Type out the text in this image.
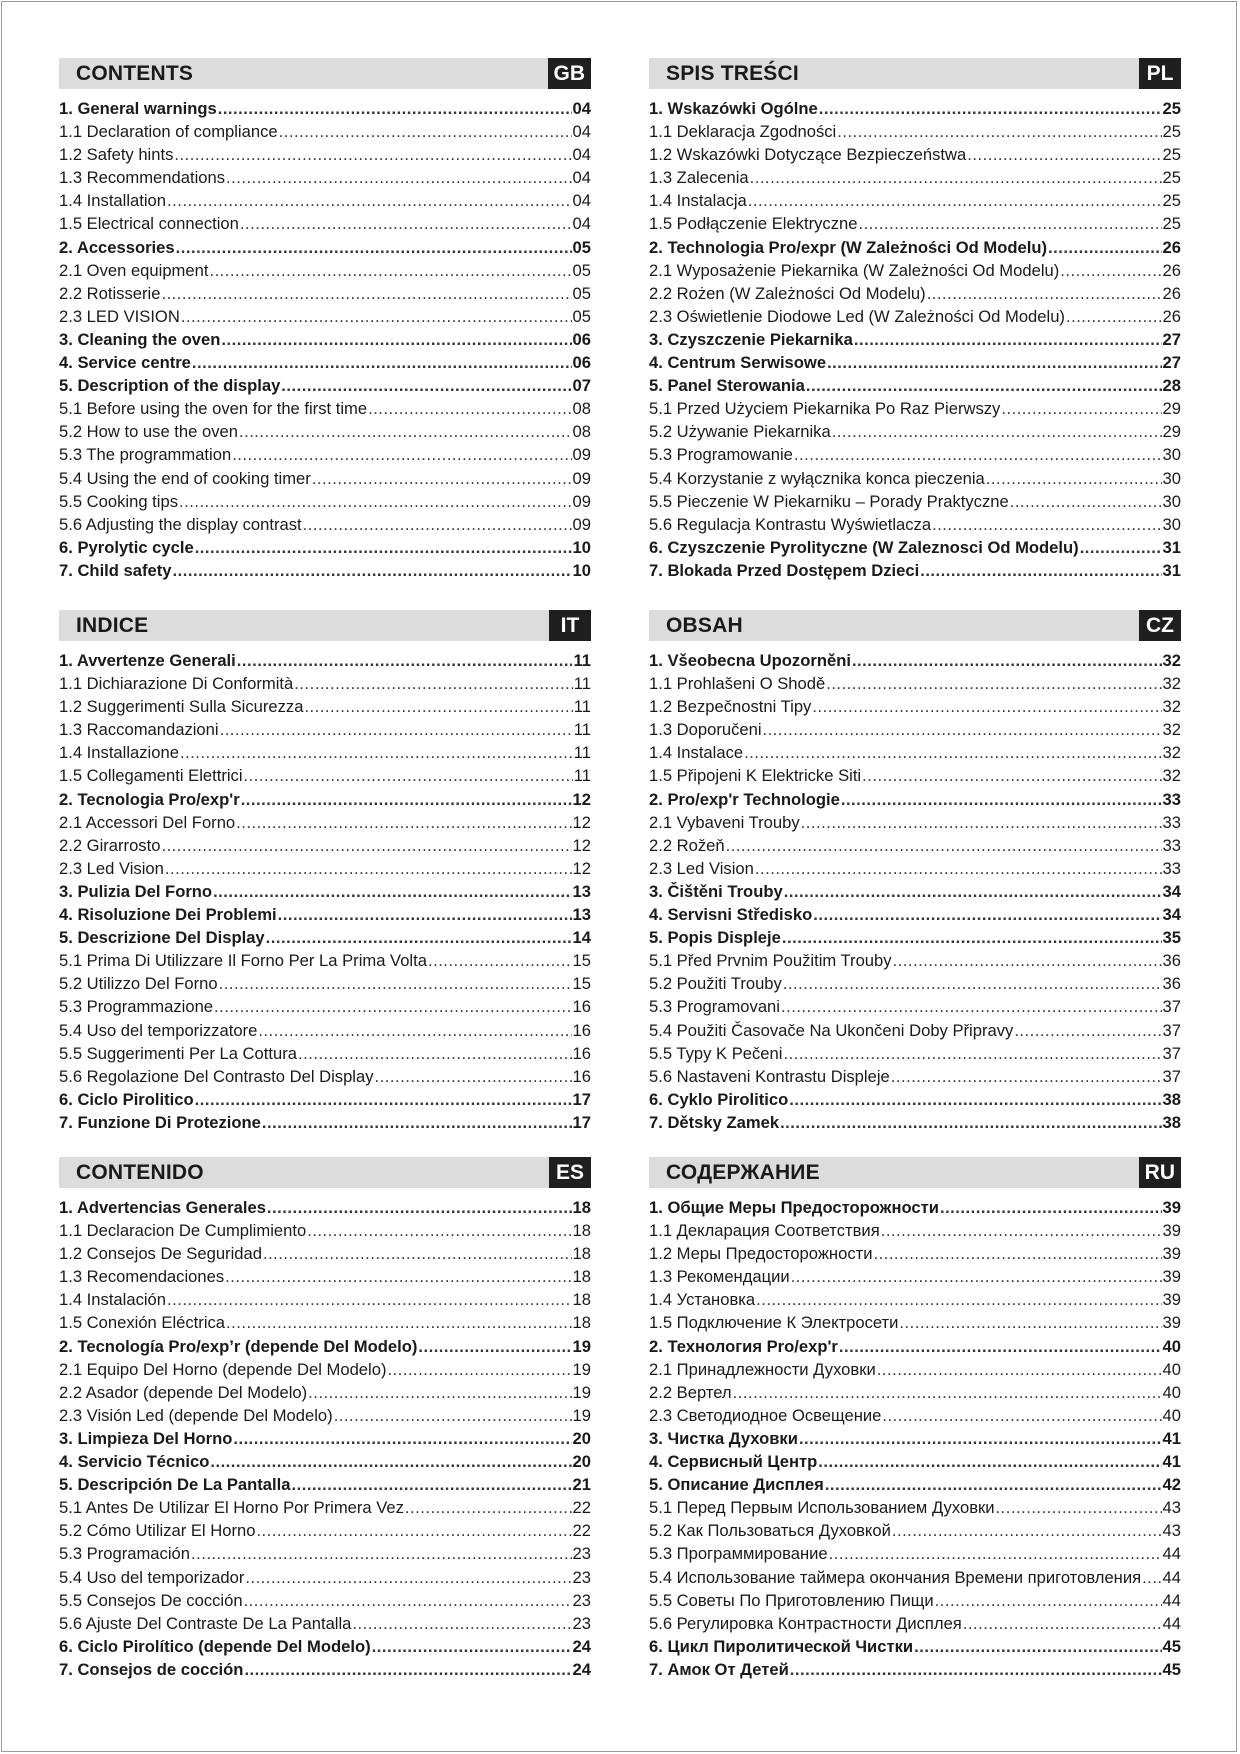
CONTENTS	GB
1. General warnings .....	04
1.1 Declaration of compliance .....	04
1.2 Safety hints .....	04
1.3 Recommendations .....	04
1.4 Installation .....	04
1.5 Electrical connection .....	04
2. Accessories .....	05
2.1 Oven equipment .....	05
2.2 Rotisserie .....	05
2.3 LED VISION .....	05
3. Cleaning the oven .....	06
4. Service centre .....	06
5. Description of the display .....	07
5.1 Before using the oven for the first time .....	08
5.2 How to use the oven .....	08
5.3 The programmation .....	09
5.4 Using the end of cooking timer .....	09
5.5 Cooking tips .....	09
5.6 Adjusting the display contrast .....	09
6. Pyrolytic cycle .....	10
7. Child safety .....	10
SPIS TREŚCI	PL
1. Wskazówki Ogólne .....	25
1.1 Deklaracja Zgodności .....	25
1.2 Wskazówki Dotyczące Bezpieczeństwa .....	25
1.3 Zalecenia .....	25
1.4 Instalacja .....	25
1.5 Podłączenie Elektryczne .....	25
2. Technologia Pro/expr (W Zależności Od Modelu) .....	26
2.1 Wyposażenie Piekarnika (W Zależności Od Modelu) .....	26
2.2 Rożen (W Zależności Od Modelu) .....	26
2.3 Oświetlenie Diodowe Led (W Zależności Od Modelu) .....	26
3. Czyszczenie Piekarnika .....	27
4. Centrum Serwisowe .....	27
5. Panel Sterowania .....	28
5.1 Przed Użyciem Piekarnika Po Raz Pierwszy .....	29
5.2 Używanie Piekarnika .....	29
5.3 Programowanie .....	30
5.4 Korzystanie z wyłącznika konca pieczenia .....	30
5.5 Pieczenie W Piekarniku – Porady Praktyczne .....	30
5.6 Regulacja Kontrastu Wyświetlacza .....	30
6. Czyszczenie Pyrolityczne (W Zaleznosci Od Modelu) .....	31
7. Blokada Przed Dostępem Dzieci .....	31
INDICE	IT
1. Avvertenze Generali .....	11
1.1 Dichiarazione Di Conformità .....	11
1.2 Suggerimenti Sulla Sicurezza .....	11
1.3 Raccomandazioni .....	11
1.4 Installazione .....	11
1.5 Collegamenti Elettrici .....	11
2. Tecnologia Pro/exp'r .....	12
2.1 Accessori Del Forno .....	12
2.2 Girarrosto .....	12
2.3 Led Vision .....	12
3. Pulizia Del Forno .....	13
4. Risoluzione Dei Problemi .....	13
5. Descrizione Del Display .....	14
5.1 Prima Di Utilizzare Il Forno Per La Prima Volta .....	15
5.2 Utilizzo Del Forno .....	15
5.3 Programmazione .....	16
5.4 Uso del temporizzatore .....	16
5.5 Suggerimenti Per La Cottura .....	16
5.6 Regolazione Del Contrasto Del Display .....	16
6. Ciclo Pirolitico .....	17
7. Funzione Di Protezione .....	17
OBSAH	CZ
1. Všeobecna Upozorněni .....	32
1.1 Prohlašeni O Shodě .....	32
1.2 Bezpečnostni Tipy .....	32
1.3 Doporučeni .....	32
1.4 Instalace .....	32
1.5 Připojeni K Elektricke Siti .....	32
2. Pro/exp'r Technologie .....	33
2.1 Vybaveni Trouby .....	33
2.2 Rožeň .....	33
2.3 Led Vision .....	33
3. Čištěni Trouby .....	34
4. Servisni Středisko .....	34
5. Popis Displeje .....	35
5.1 Před Prvnim Použitim Trouby .....	36
5.2 Použiti Trouby .....	36
5.3 Programovani .....	37
5.4 Použiti Časovače Na Ukončeni Doby Připravy .....	37
5.5 Typy K Pečeni .....	37
5.6 Nastaveni Kontrastu Displeje .....	37
6. Cyklo Pirolitico .....	38
7. Dětsky Zamek .....	38
CONTENIDO	ES
1. Advertencias Generales .....	18
1.1 Declaracion De Cumplimiento .....	18
1.2 Consejos De Seguridad .....	18
1.3 Recomendaciones .....	18
1.4 Instalación .....	18
1.5 Conexión Eléctrica .....	18
2. Tecnología Pro/exp’r (depende Del Modelo) .....	19
2.1 Equipo Del Horno (depende Del Modelo) .....	19
2.2 Asador (depende Del Modelo) .....	19
2.3 Visión Led (depende Del Modelo) .....	19
3. Limpieza Del Horno .....	20
4. Servicio Técnico .....	20
5. Descripción De La Pantalla .....	21
5.1 Antes De Utilizar El Horno Por Primera Vez .....	22
5.2 Cómo Utilizar El Horno .....	22
5.3 Programación .....	23
5.4 Uso del temporizador .....	23
5.5 Consejos De cocción .....	23
5.6 Ajuste Del Contraste De La Pantalla .....	23
6. Ciclo Pirolítico (depende Del Modelo) .....	24
7. Consejos de cocción .....	24
СОДЕРЖАНИЕ	RU
1. Общие Меры Предосторожности .....	39
1.1 Декларация Соответствия .....	39
1.2 Меры Предосторожности .....	39
1.3 Рекомендации .....	39
1.4 Установка .....	39
1.5 Подключение К Электросети .....	39
2. Технология Pro/exp'r .....	40
2.1 Принадлежности Духовки .....	40
2.2 Вертел .....	40
2.3 Светодиодное Освещение .....	40
3. Чистка Духовки .....	41
4. Сервисный Центр .....	41
5. Описание Дисплея .....	42
5.1 Перед Первым Использованием Духовки .....	43
5.2 Как Пользоваться Духовкой .....	43
5.3 Программирование .....	44
5.4 Использование таймера окончания Времени приготовления ..... 44
5.5 Советы По Приготовлению Пищи .....	44
5.6 Регулировка Контрастности Дисплея .....	44
6. Цикл Пиролитической Чистки .....	45
7. Амок От Детей .....	45
